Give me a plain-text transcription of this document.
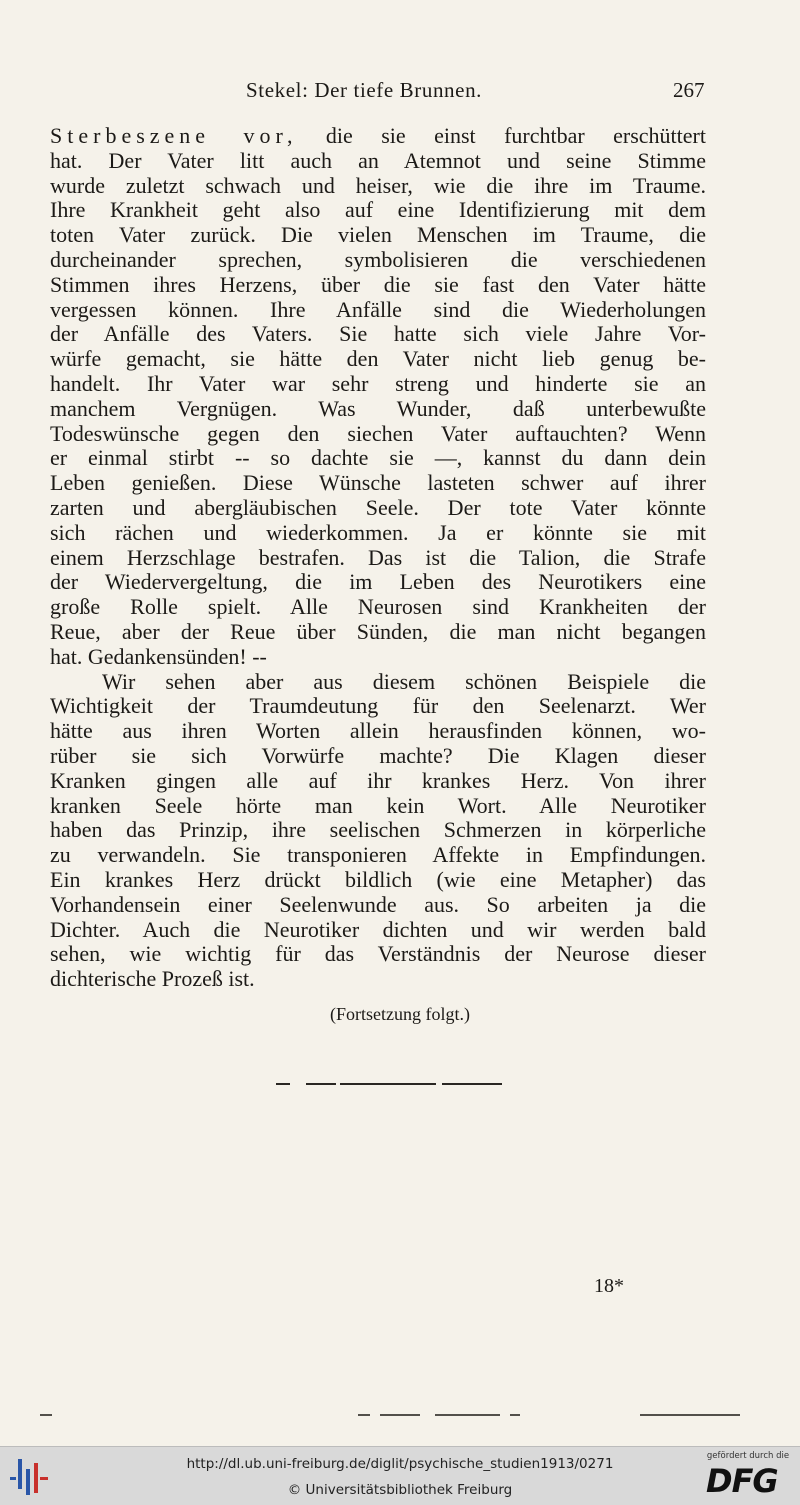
Stekel: Der tiefe Brunnen.	267
Sterbeszene vor, die sie einst furchtbar erschüttert
hat. Der Vater litt auch an Atemnot und seine Stimme
wurde zuletzt schwach und heiser, wie die ihre im Traume.
Ihre Krankheit geht also auf eine Identifizierung mit dem
toten Vater zurück. Die vielen Menschen im Traume, die
durcheinander sprechen, symbolisieren die verschiedenen
Stimmen ihres Herzens, über die sie fast den Vater hätte
vergessen können. Ihre Anfälle sind die Wiederholungen
der Anfälle des Vaters. Sie hatte sich viele Jahre Vor-
würfe gemacht, sie hätte den Vater nicht lieb genug be-
handelt. Ihr Vater war sehr streng und hinderte sie an
manchem Vergnügen. Was Wunder, daß unterbewußte
Todeswünsche gegen den siechen Vater auftauchten? Wenn
er einmal stirbt -- so dachte sie —, kannst du dann dein
Leben genießen. Diese Wünsche lasteten schwer auf ihrer
zarten und abergläubischen Seele. Der tote Vater könnte
sich rächen und wiederkommen. Ja er könnte sie mit
einem Herzschlage bestrafen. Das ist die Talion, die Strafe
der Wiedervergeltung, die im Leben des Neurotikers eine
große Rolle spielt. Alle Neurosen sind Krankheiten der
Reue, aber der Reue über Sünden, die man nicht begangen
hat. Gedankensünden! --
Wir sehen aber aus diesem schönen Beispiele die
Wichtigkeit der Traumdeutung für den Seelenarzt. Wer
hätte aus ihren Worten allein herausfinden können, wo-
rüber sie sich Vorwürfe machte? Die Klagen dieser
Kranken gingen alle auf ihr krankes Herz. Von ihrer
kranken Seele hörte man kein Wort. Alle Neurotiker
haben das Prinzip, ihre seelischen Schmerzen in körperliche
zu verwandeln. Sie transponieren Affekte in Empfindungen.
Ein krankes Herz drückt bildlich (wie eine Metapher) das
Vorhandensein einer Seelenwunde aus. So arbeiten ja die
Dichter. Auch die Neurotiker dichten und wir werden bald
sehen, wie wichtig für das Verständnis der Neurose dieser
dichterische Prozeß ist.
(Fortsetzung folgt.)
18*
http://dl.ub.uni-freiburg.de/diglit/psychische_studien1913/0271
© Universitätsbibliothek Freiburg
gefördert durch die
DFG
